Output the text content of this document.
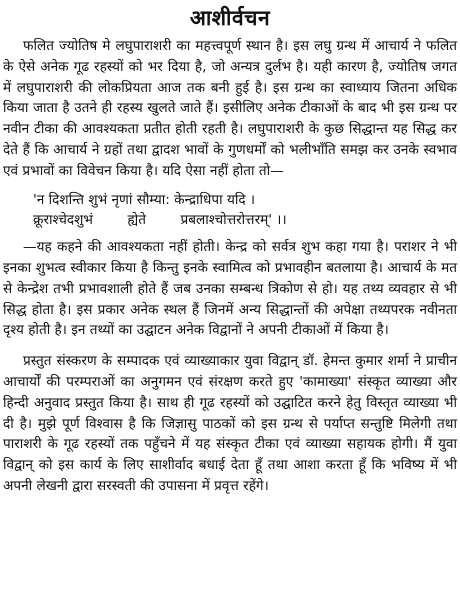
आशीर्वचन

फलित ज्योतिष मे लघुपाराशरी का महत्त्वपूर्ण स्थान है। इस लघु ग्रन्थ में आचार्य ने फलित के ऐसे अनेक गूढ रहस्यों को भर दिया है, जो अन्यत्र दुर्लभ है। यही कारण है, ज्योतिष जगत में लघुपाराशरी की लोकप्रियता आज तक बनी हुई है। इस ग्रन्थ का स्वाध्याय जितना अधिक किया जाता है उतने ही रहस्य खुलते जाते हैं। इसीलिए अनेक टीकाओं के बाद भी इस ग्रन्थ पर नवीन टीका की आवश्यकता प्रतीत होती रहती है। लघुपाराशरी के कुछ सिद्धान्त यह सिद्ध कर देते हैं कि आचार्य ने ग्रहों तथा द्वादश भावों के गुणधर्मों को भलीभाँति समझ कर उनके स्वभाव एवं प्रभावों का विवेचन किया है। यदि ऐसा नहीं होता तो—

'न दिशन्ति शुभं नृणां सौम्या: केन्द्राधिपा यदि ।
क्रूराश्चेदशुभं        ह्येते        प्रबलाश्चोत्तरोत्तरम्' ।।

—यह कहने की आवश्यकता नहीं होती। केन्द्र को सर्वत्र शुभ कहा गया है। पराशर ने भी इनका शुभत्व स्वीकार किया है किन्तु इनके स्वामित्व को प्रभावहीन बतलाया है। आचार्य के मत से केन्द्रेश तभी प्रभावशाली होते हैं जब उनका सम्बन्ध त्रिकोण से हो। यह तथ्य व्यवहार से भी सिद्ध होता है। इस प्रकार अनेक स्थल हैं जिनमें अन्य सिद्धान्तों की अपेक्षा तथ्यपरक नवीनता दृश्य होती है। इन तथ्यों का उद्घाटन अनेक विद्वानों ने अपनी टीकाओं में किया है।

प्रस्तुत संस्करण के सम्पादक एवं व्याख्याकार युवा विद्वान् डॉ. हेमन्त कुमार शर्मा ने प्राचीन आचार्यों की परम्पराओं का अनुगमन एवं संरक्षण करते हुए 'कामाख्या' संस्कृत व्याख्या और हिन्दी अनुवाद प्रस्तुत किया है। साथ ही गूढ रहस्यों को उद्घाटित करने हेतु विस्तृत व्याख्या भी दी है। मुझे पूर्ण विश्वास है कि जिज्ञासु पाठकों को इस ग्रन्थ से पर्याप्त सन्तुष्टि मिलेगी तथा पाराशरी के गूढ रहस्यों तक पहुँचने में यह संस्कृत टीका एवं व्याख्या सहायक होगी। मैं युवा विद्वान् को इस कार्य के लिए साशीर्वाद बधाई देता हूँ तथा आशा करता हूँ कि भविष्य में भी अपनी लेखनी द्वारा सरस्वती की उपासना में प्रवृत्त रहेंगे।
